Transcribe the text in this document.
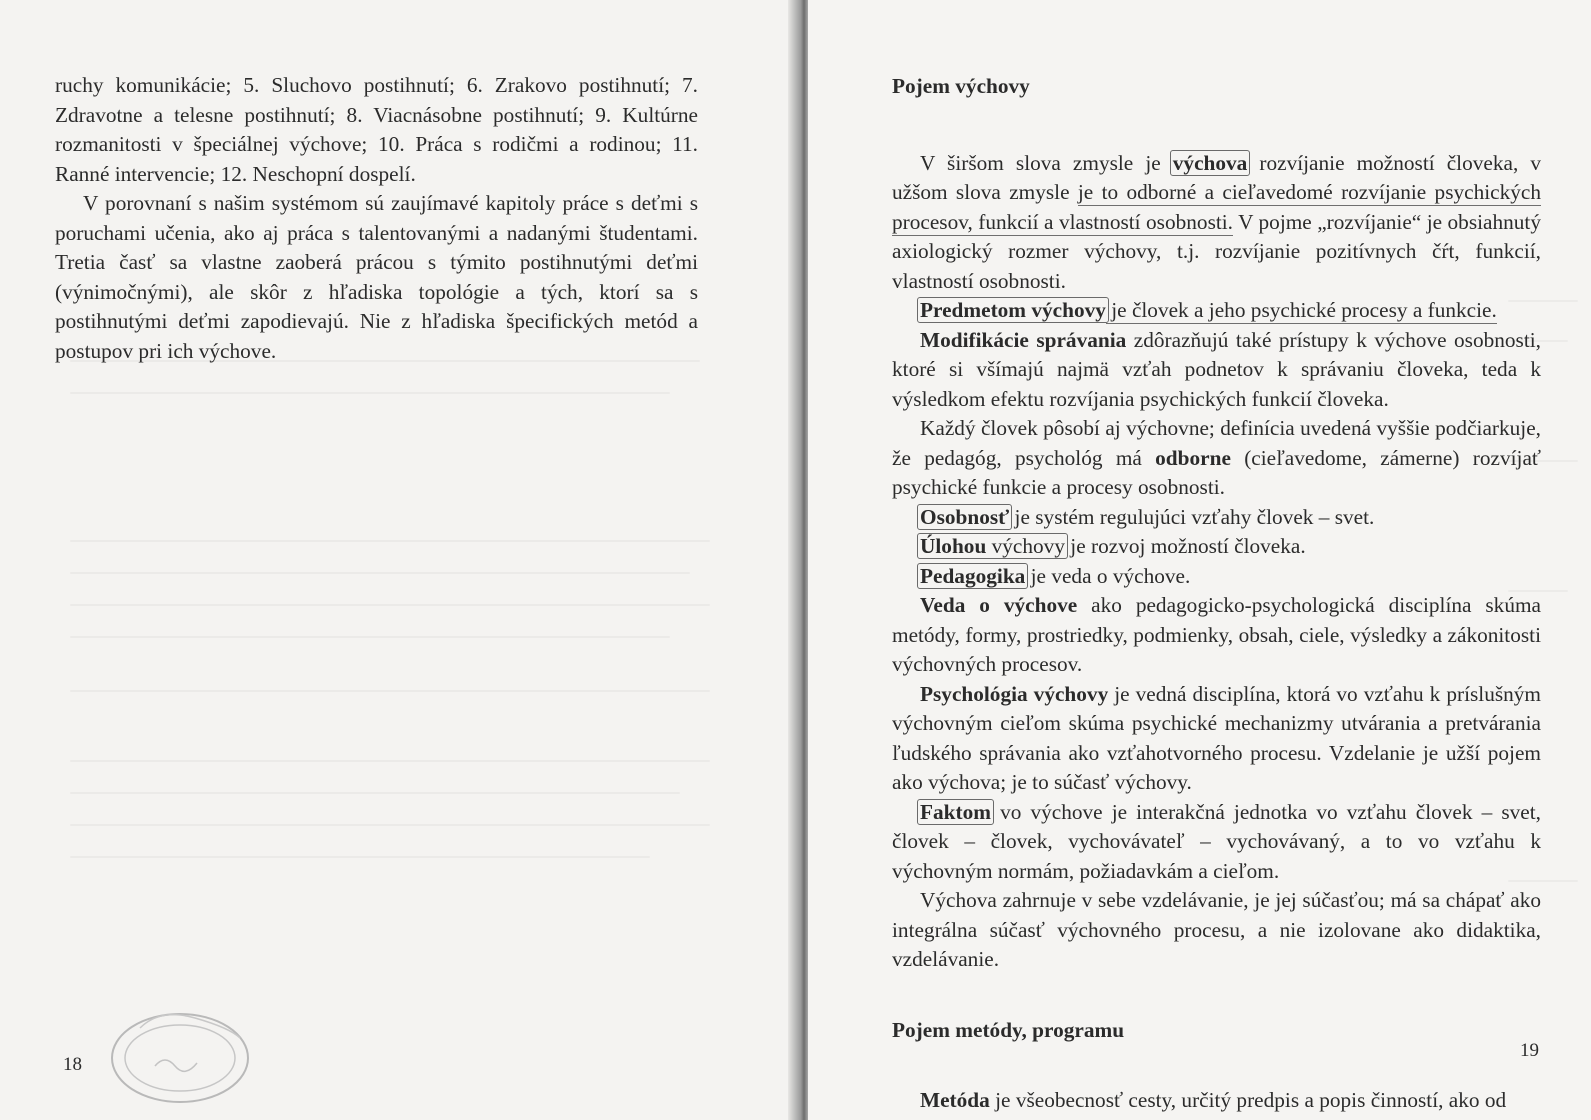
ruchy komunikácie; 5. Sluchovo postihnutí; 6. Zrakovo postihnutí; 7. Zdravotne a telesne postihnutí; 8. Viacnásobne postihnutí; 9. Kultúrne rozmanitosti v špeciálnej výchove; 10. Práca s rodičmi a rodinou; 11. Ranné intervencie; 12. Neschopní dospelí.

V porovnaní s našim systémom sú zaujímavé kapitoly práce s deťmi s poruchami učenia, ako aj práca s talentovanými a nadanými študentami. Tretia časť sa vlastne zaoberá prácou s týmito postihnutými deťmi (výnimočnými), ale skôr z hľadiska topológie a tých, ktorí sa s postihnutými deťmi zapodievajú. Nie z hľadiska špecifických metód a postupov pri ich výchove.

18

Pojem výchovy

V širšom slova zmysle je výchova rozvíjanie možností človeka, v užšom slova zmysle je to odborné a cieľavedomé rozvíjanie psychických procesov, funkcií a vlastností osobnosti. V pojme „rozvíjanie“ je obsiahnutý axiologický rozmer výchovy, t.j. rozvíjanie pozitívnych čŕt, funkcií, vlastností osobnosti.

Predmetom výchovy je človek a jeho psychické procesy a funkcie.

Modifikácie správania zdôrazňujú také prístupy k výchove osobnosti, ktoré si všímajú najmä vzťah podnetov k správaniu človeka, teda k výsledkom efektu rozvíjania psychických funkcií človeka.

Každý človek pôsobí aj výchovne; definícia uvedená vyššie podčiarkuje, že pedagóg, psychológ má odborne (cieľavedome, zámerne) rozvíjať psychické funkcie a procesy osobnosti.

Osobnosť je systém regulujúci vzťahy človek – svet.

Úlohou výchovy je rozvoj možností človeka.

Pedagogika je veda o výchove.

Veda o výchove ako pedagogicko-psychologická disciplína skúma metódy, formy, prostriedky, podmienky, obsah, ciele, výsledky a zákonitosti výchovných procesov.

Psychológia výchovy je vedná disciplína, ktorá vo vzťahu k príslušným výchovným cieľom skúma psychické mechanizmy utvárania a pretvárania ľudského správania ako vzťahotvorného procesu. Vzdelanie je užší pojem ako výchova; je to súčasť výchovy.

Faktom vo výchove je interakčná jednotka vo vzťahu človek – svet, človek – človek, vychovávateľ – vychovávaný, a to vo vzťahu k výchovným normám, požiadavkám a cieľom.

Výchova zahrnuje v sebe vzdelávanie, je jej súčasťou; má sa chápať ako integrálna súčasť výchovného procesu, a nie izolovane ako didaktika, vzdelávanie.

Pojem metódy, programu

Metóda je všeobecnosť cesty, určitý predpis a popis činností, ako od

19
